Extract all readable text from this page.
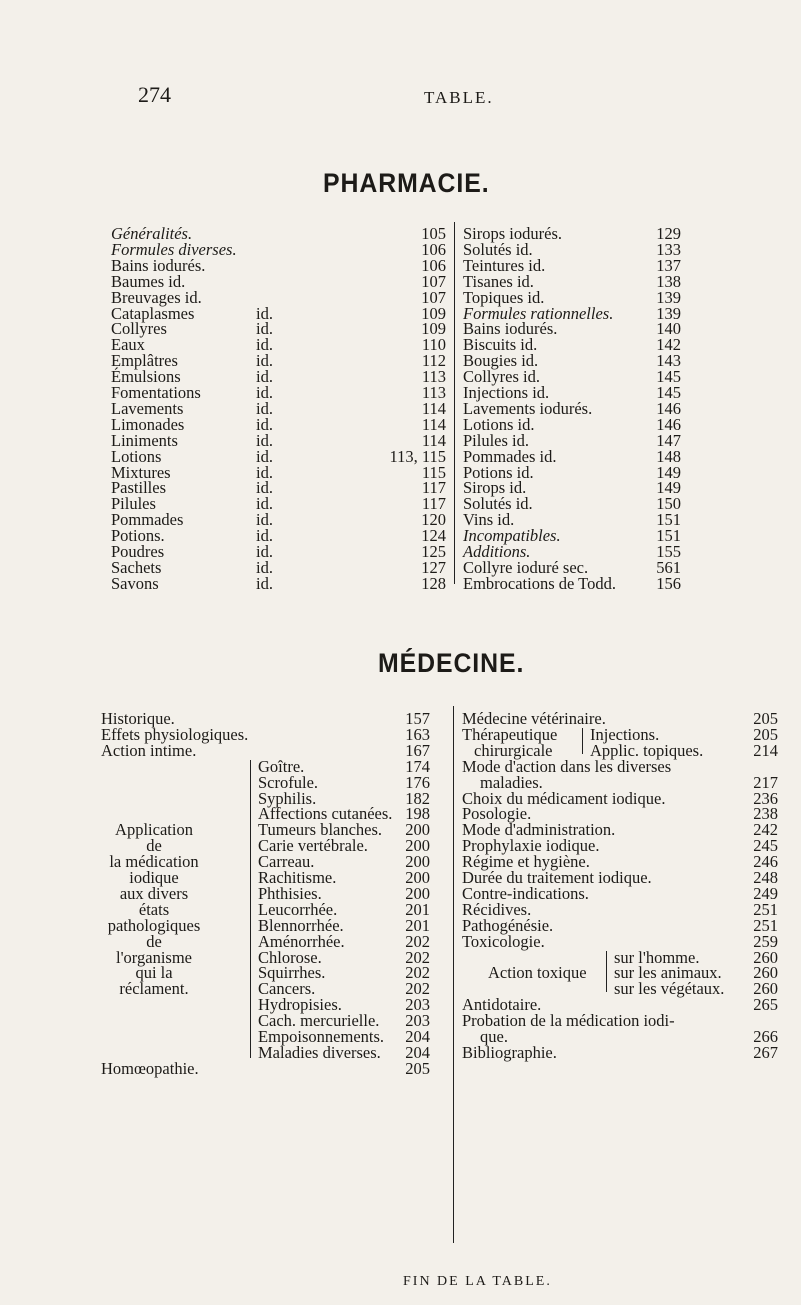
274	TABLE.
PHARMACIE.
Généralités.	105
Formules diverses.	106
Bains iodurés.	106
Baumes id.	107
Breuvages id.	107
Cataplasmes	id.	109
Collyres	id.	109
Eaux	id.	110
Emplâtres	id.	112
Émulsions	id.	113
Fomentations	id.	113
Lavements	id.	114
Limonades	id.	114
Liniments	id.	114
Lotions	id.	113, 115
Mixtures	id.	115
Pastilles	id.	117
Pilules	id.	117
Pommades	id.	120
Potions.	id.	124
Poudres	id.	125
Sachets	id.	127
Savons	id.	128
Sirops iodurés.	129
Solutés id.	133
Teintures id.	137
Tisanes id.	138
Topiques id.	139
Formules rationnelles.	139
Bains iodurés.	140
Biscuits id.	142
Bougies id.	143
Collyres id.	145
Injections id.	145
Lavements iodurés.	146
Lotions id.	146
Pilules id.	147
Pommades id.	148
Potions id.	149
Sirops id.	149
Solutés id.	150
Vins id.	151
Incompatibles.	151
Additions.	155
Collyre ioduré sec.	561
Embrocations de Todd. 156
MÉDECINE.
Historique.	157
Effets physiologiques.	163
Action intime.	167
Goître.	174
Scrofule.	176
Syphilis.	182
Affections cutanées. 198
Tumeurs blanches. 200
Carie vertébrale. 200
Carreau.	200
Rachitisme.	200
Phthisies.	200
Leucorrhée.	201
Blennorrhée.	201
Aménorrhée.	202
Chlorose.	202
Squirrhes.	202
Cancers.	202
Hydropisies.	203
Cach. mercurielle. 203
Empoisonnements. 204
Maladies diverses. 204
Application
de
la médication
iodique
aux divers
états
pathologiques
de
l'organisme
qui la
réclament.
Homœopathie.	205
Médecine vétérinaire.	205
Thérapeutique
chirurgicale
Injections.	205
Applic. topiques.	214
Mode d'action dans les diverses
maladies.	217
Choix du médicament iodique.	236
Posologie.	238
Mode d'administration.	242
Prophylaxie iodique.	245
Régime et hygiène.	246
Durée du traitement iodique.	248
Contre-indications.	249
Récidives.	251
Pathogénésie.	251
Toxicologie.	259
Action toxique
sur l'homme.	260
sur les animaux. 260
sur les végétaux. 260
Antidotaire.	265
Probation de la médication iodi-
que.	266
Bibliographie.	267
FIN DE LA TABLE.
